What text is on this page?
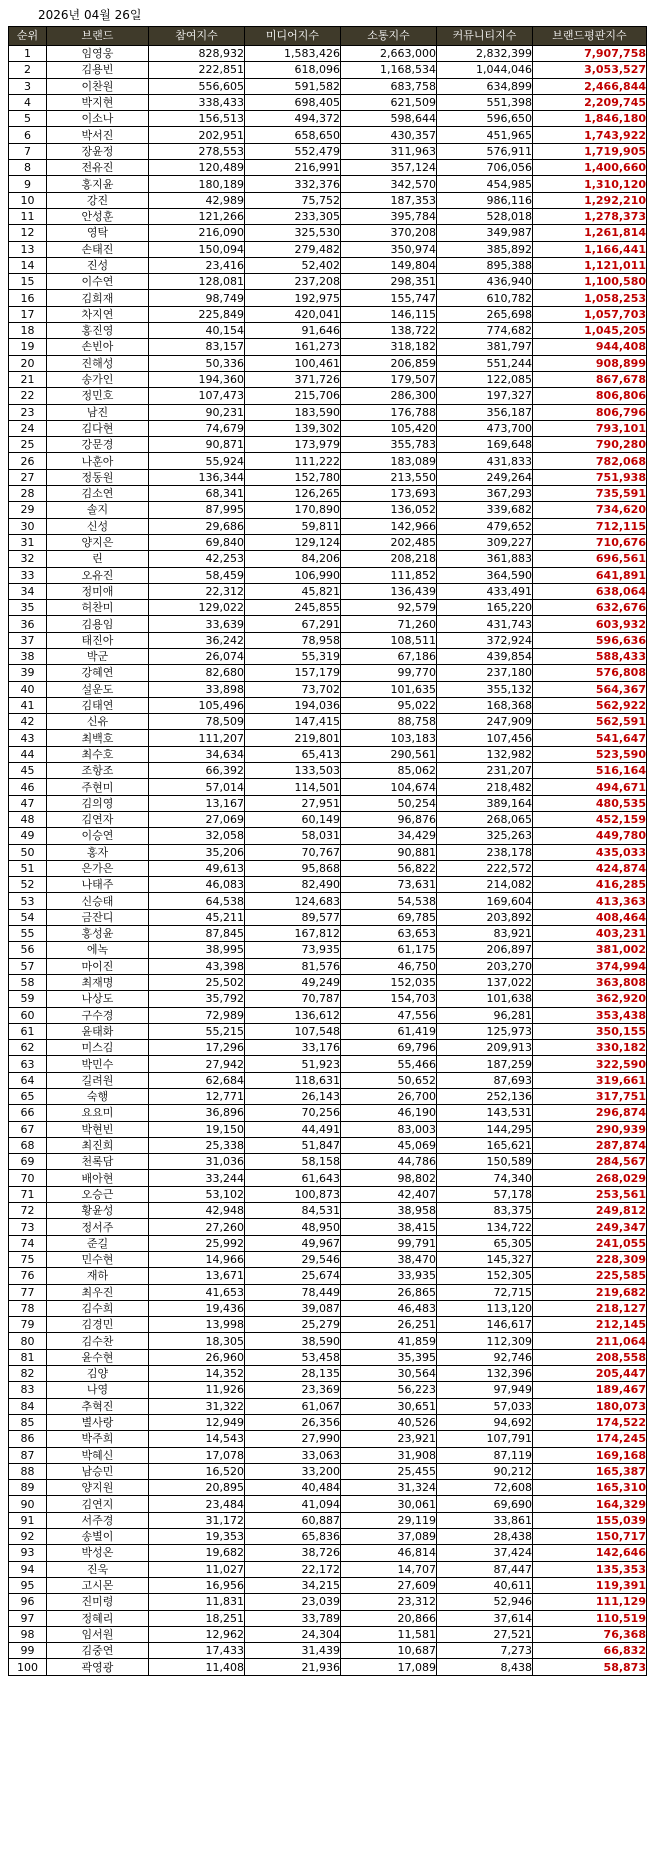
2026년 04월 26일
순위	브랜드	참여지수	미디어지수	소통지수	커뮤니티지수	브랜드평판지수
1	임영웅	828,932	1,583,426	2,663,000	2,832,399	7,907,758
2	김용빈	222,851	618,096	1,168,534	1,044,046	3,053,527
3	이찬원	556,605	591,582	683,758	634,899	2,466,844
4	박지현	338,433	698,405	621,509	551,398	2,209,745
5	이소나	156,513	494,372	598,644	596,650	1,846,180
6	박서진	202,951	658,650	430,357	451,965	1,743,922
7	장윤정	278,553	552,479	311,963	576,911	1,719,905
8	전유진	120,489	216,991	357,124	706,056	1,400,660
9	홍지윤	180,189	332,376	342,570	454,985	1,310,120
10	강진	42,989	75,752	187,353	986,116	1,292,210
11	안성훈	121,266	233,305	395,784	528,018	1,278,373
12	영탁	216,090	325,530	370,208	349,987	1,261,814
13	손태진	150,094	279,482	350,974	385,892	1,166,441
14	진성	23,416	52,402	149,804	895,388	1,121,011
15	이수연	128,081	237,208	298,351	436,940	1,100,580
16	김희재	98,749	192,975	155,747	610,782	1,058,253
17	차지연	225,849	420,041	146,115	265,698	1,057,703
18	홍진영	40,154	91,646	138,722	774,682	1,045,205
19	손빈아	83,157	161,273	318,182	381,797	944,408
20	진해성	50,336	100,461	206,859	551,244	908,899
21	송가인	194,360	371,726	179,507	122,085	867,678
22	정민호	107,473	215,706	286,300	197,327	806,806
23	남진	90,231	183,590	176,788	356,187	806,796
24	김다현	74,679	139,302	105,420	473,700	793,101
25	강문경	90,871	173,979	355,783	169,648	790,280
26	나훈아	55,924	111,222	183,089	431,833	782,068
27	정동원	136,344	152,780	213,550	249,264	751,938
28	김소연	68,341	126,265	173,693	367,293	735,591
29	솔지	87,995	170,890	136,052	339,682	734,620
30	신성	29,686	59,811	142,966	479,652	712,115
31	양지은	69,840	129,124	202,485	309,227	710,676
32	린	42,253	84,206	208,218	361,883	696,561
33	오유진	58,459	106,990	111,852	364,590	641,891
34	정미애	22,312	45,821	136,439	433,491	638,064
35	허찬미	129,022	245,855	92,579	165,220	632,676
36	김용임	33,639	67,291	71,260	431,743	603,932
37	태진아	36,242	78,958	108,511	372,924	596,636
38	박군	26,074	55,319	67,186	439,854	588,433
39	강혜연	82,680	157,179	99,770	237,180	576,808
40	설운도	33,898	73,702	101,635	355,132	564,367
41	김태연	105,496	194,036	95,022	168,368	562,922
42	신유	78,509	147,415	88,758	247,909	562,591
43	최백호	111,207	219,801	103,183	107,456	541,647
44	최수호	34,634	65,413	290,561	132,982	523,590
45	조항조	66,392	133,503	85,062	231,207	516,164
46	주현미	57,014	114,501	104,674	218,482	494,671
47	김의영	13,167	27,951	50,254	389,164	480,535
48	김연자	27,069	60,149	96,876	268,065	452,159
49	이승연	32,058	58,031	34,429	325,263	449,780
50	홍자	35,206	70,767	90,881	238,178	435,033
51	은가은	49,613	95,868	56,822	222,572	424,874
52	나태주	46,083	82,490	73,631	214,082	416,285
53	신승태	64,538	124,683	54,538	169,604	413,363
54	금잔디	45,211	89,577	69,785	203,892	408,464
55	홍성윤	87,845	167,812	63,653	83,921	403,231
56	에녹	38,995	73,935	61,175	206,897	381,002
57	마이진	43,398	81,576	46,750	203,270	374,994
58	최재명	25,502	49,249	152,035	137,022	363,808
59	나상도	35,792	70,787	154,703	101,638	362,920
60	구수경	72,989	136,612	47,556	96,281	353,438
61	윤태화	55,215	107,548	61,419	125,973	350,155
62	미스김	17,296	33,176	69,796	209,913	330,182
63	박민수	27,942	51,923	55,466	187,259	322,590
64	길려원	62,684	118,631	50,652	87,693	319,661
65	숙행	12,771	26,143	26,700	252,136	317,751
66	요요미	36,896	70,256	46,190	143,531	296,874
67	박현빈	19,150	44,491	83,003	144,295	290,939
68	최진희	25,338	51,847	45,069	165,621	287,874
69	천록담	31,036	58,158	44,786	150,589	284,567
70	배아현	33,244	61,643	98,802	74,340	268,029
71	오승근	53,102	100,873	42,407	57,178	253,561
72	황윤성	42,948	84,531	38,958	83,375	249,812
73	정서주	27,260	48,950	38,415	134,722	249,347
74	준길	25,992	49,967	99,791	65,305	241,055
75	민수현	14,966	29,546	38,470	145,327	228,309
76	재하	13,671	25,674	33,935	152,305	225,585
77	최우진	41,653	78,449	26,865	72,715	219,682
78	김수희	19,436	39,087	46,483	113,120	218,127
79	김경민	13,998	25,279	26,251	146,617	212,145
80	김수찬	18,305	38,590	41,859	112,309	211,064
81	윤수현	26,960	53,458	35,395	92,746	208,558
82	김양	14,352	28,135	30,564	132,396	205,447
83	나영	11,926	23,369	56,223	97,949	189,467
84	추혁진	31,322	61,067	30,651	57,033	180,073
85	별사랑	12,949	26,356	40,526	94,692	174,522
86	박주희	14,543	27,990	23,921	107,791	174,245
87	박혜신	17,078	33,063	31,908	87,119	169,168
88	남승민	16,520	33,200	25,455	90,212	165,387
89	양지원	20,895	40,484	31,324	72,608	165,310
90	김연지	23,484	41,094	30,061	69,690	164,329
91	서주경	31,172	60,887	29,119	33,861	155,039
92	송별이	19,353	65,836	37,089	28,438	150,717
93	박성온	19,682	38,726	46,814	37,424	142,646
94	진욱	11,027	22,172	14,707	87,447	135,353
95	고시몬	16,956	34,215	27,609	40,611	119,391
96	진미령	11,831	23,039	23,312	52,946	111,129
97	정혜리	18,251	33,789	20,866	37,614	110,519
98	임서원	12,962	24,304	11,581	27,521	76,368
99	김중연	17,433	31,439	10,687	7,273	66,832
100	곽영광	11,408	21,936	17,089	8,438	58,873
